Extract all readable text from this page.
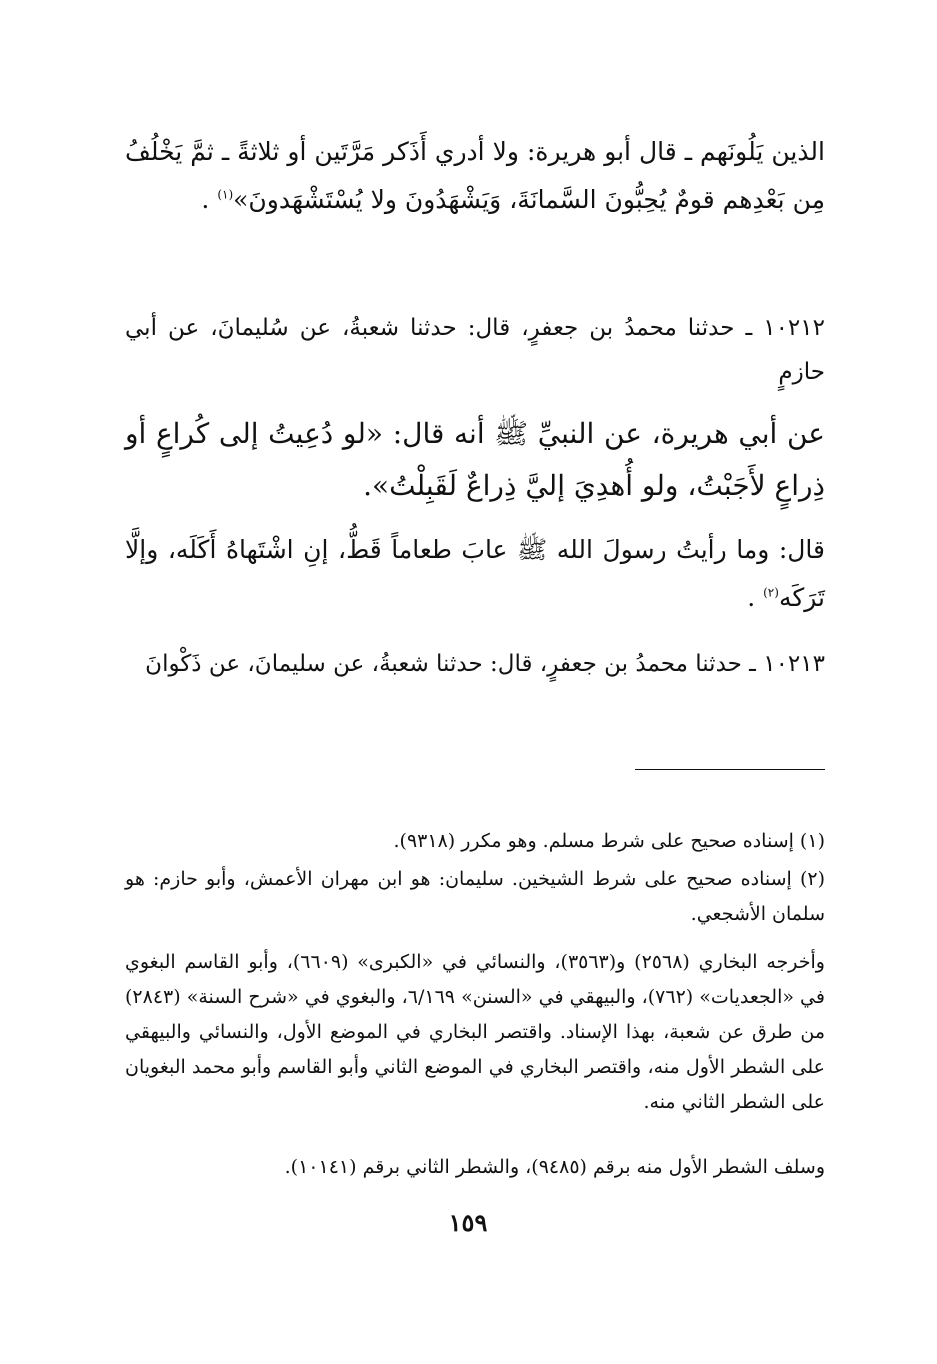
الذين يَلُونَهم ـ قال أبو هريرة: ولا أدري أَذَكر مَرَّتَين أو ثلاثةً ـ ثمَّ يَخْلُفُ مِن بَعْدِهم قومٌ يُحِبُّونَ السَّمانَةَ، وَيَشْهَدُونَ ولا يُسْتَشْهَدونَ»$^{(١)}$ .

١٠٢١٢ ـ حدثنا محمدُ بن جعفرٍ، قال: حدثنا شعبةُ، عن سُليمانَ، عن أبي حازمٍ

عن أبي هريرة، عن النبيِّ ﷺ أنه قال: «لو دُعِيتُ إلى كُراعٍ أو ذِراعٍ لأَجَبْتُ، ولو أُهدِيَ إليَّ ذِراعٌ لَقَبِلْتُ».

قال: وما رأيتُ رسولَ الله ﷺ عابَ طعاماً قَطُّ، إنِ اشْتَهاهُ أَكَلَه، وإلَّا تَرَكَه$^{(٢)}$ .

١٠٢١٣ ـ حدثنا محمدُ بن جعفرٍ، قال: حدثنا شعبةُ، عن سليمانَ، عن ذَكْوانَ

(١) إسناده صحيح على شرط مسلم. وهو مكرر (٩٣١٨).

(٢) إسناده صحيح على شرط الشيخين. سليمان: هو ابن مهران الأعمش، وأبو حازم: هو سلمان الأشجعي.

وأخرجه البخاري (٢٥٦٨) و(٣٥٦٣)، والنسائي في «الكبرى» (٦٦٠٩)، وأبو القاسم البغوي في «الجعديات» (٧٦٢)، والبيهقي في «السنن» ٦/١٦٩، والبغوي في «شرح السنة» (٢٨٤٣) من طرق عن شعبة، بهذا الإسناد. واقتصر البخاري في الموضع الأول، والنسائي والبيهقي على الشطر الأول منه، واقتصر البخاري في الموضع الثاني وأبو القاسم وأبو محمد البغويان على الشطر الثاني منه.

وسلف الشطر الأول منه برقم (٩٤٨٥)، والشطر الثاني برقم (١٠١٤١).

١٥٩
